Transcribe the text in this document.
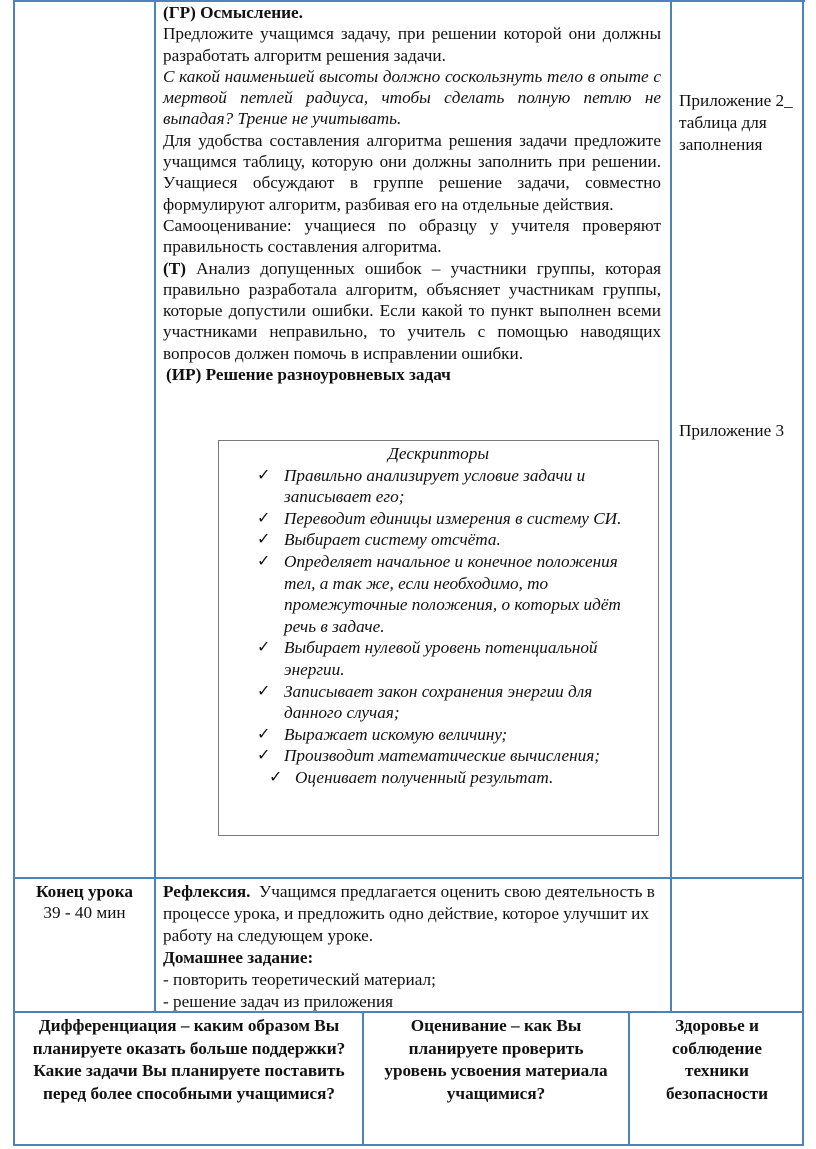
(ГР) Осмысление.

Предложите учащимся задачу, при решении которой они должны разработать алгоритм решения задачи.

С какой наименьшей высоты должно соскользнуть тело в опыте с мертвой петлей радиуса, чтобы сделать полную петлю не выпадая? Трение не учитывать.

Для удобства составления алгоритма решения задачи предложите учащимся таблицу, которую они должны заполнить при решении. Учащиеся обсуждают в группе решение задачи, совместно формулируют алгоритм, разбивая его на отдельные действия.

Самооценивание: учащиеся по образцу у учителя проверяют правильность составления алгоритма.

(Т) Анализ допущенных ошибок – участники группы, которая правильно разработала алгоритм, объясняет участникам группы, которые допустили ошибки. Если какой то пункт выполнен всеми участниками неправильно, то учитель с помощью наводящих вопросов должен помочь в исправлении ошибки.

(ИР) Решение разноуровневых задач

Дескрипторы
✓ Правильно анализирует условие задачи и записывает его;
✓ Переводит единицы измерения в систему СИ.
✓ Выбирает систему отсчёта.
✓ Определяет начальное и конечное положения тел, а так же, если необходимо, то промежуточные положения, о которых идёт речь в задаче.
✓ Выбирает нулевой уровень потенциальной энергии.
✓ Записывает закон сохранения энергии для данного случая;
✓ Выражает искомую величину;
✓ Производит математические вычисления;
✓ Оценивает полученный результат.
Приложение 2_ таблица для заполнения
Приложение 3

Конец урока

39 - 40 мин

Рефлексия.  Учащимся предлагается оценить свою деятельность в процессе урока, и предложить одно действие, которое улучшит их работу на следующем уроке.

Домашнее задание:

- повторить теоретический материал;

- решение задач из приложения

Дифференциация – каким образом Вы планируете оказать больше поддержки? Какие задачи Вы планируете поставить перед более способными учащимися?
Оценивание – как Вы планируете проверить уровень усвоения материала учащимися?
Здоровье и соблюдение техники безопасности
